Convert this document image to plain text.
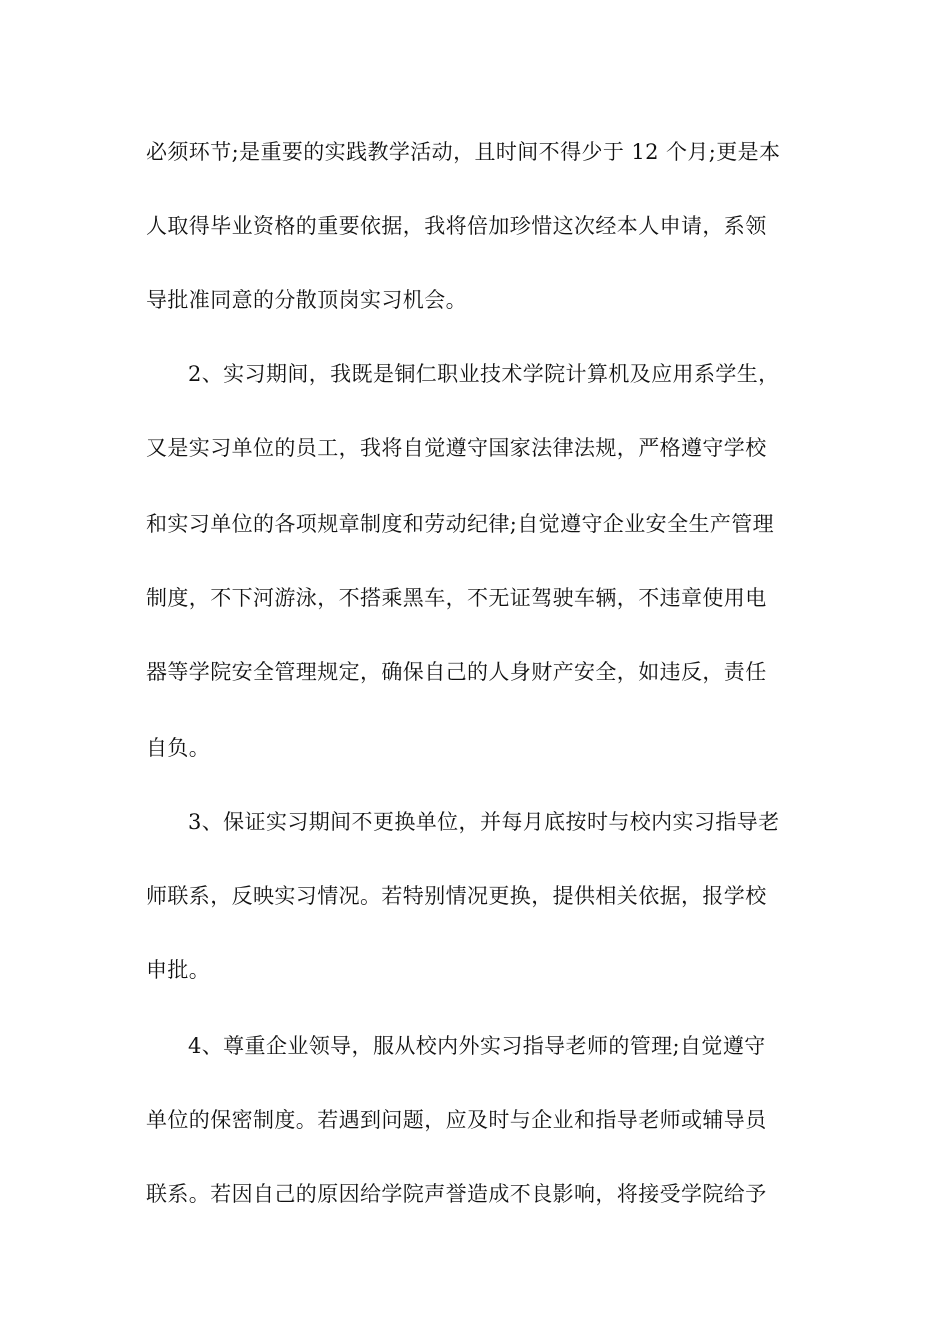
必须环节;是重要的实践教学活动，且时间不得少于 12 个月;更是本
人取得毕业资格的重要依据，我将倍加珍惜这次经本人申请，系领
导批准同意的分散顶岗实习机会。
2、实习期间，我既是铜仁职业技术学院计算机及应用系学生，
又是实习单位的员工，我将自觉遵守国家法律法规，严格遵守学校
和实习单位的各项规章制度和劳动纪律;自觉遵守企业安全生产管理
制度，不下河游泳，不搭乘黑车，不无证驾驶车辆，不违章使用电
器等学院安全管理规定，确保自己的人身财产安全，如违反，责任
自负。
3、保证实习期间不更换单位，并每月底按时与校内实习指导老
师联系，反映实习情况。若特别情况更换，提供相关依据，报学校
申批。
4、尊重企业领导，服从校内外实习指导老师的管理;自觉遵守
单位的保密制度。若遇到问题，应及时与企业和指导老师或辅导员
联系。若因自己的原因给学院声誉造成不良影响，将接受学院给予
